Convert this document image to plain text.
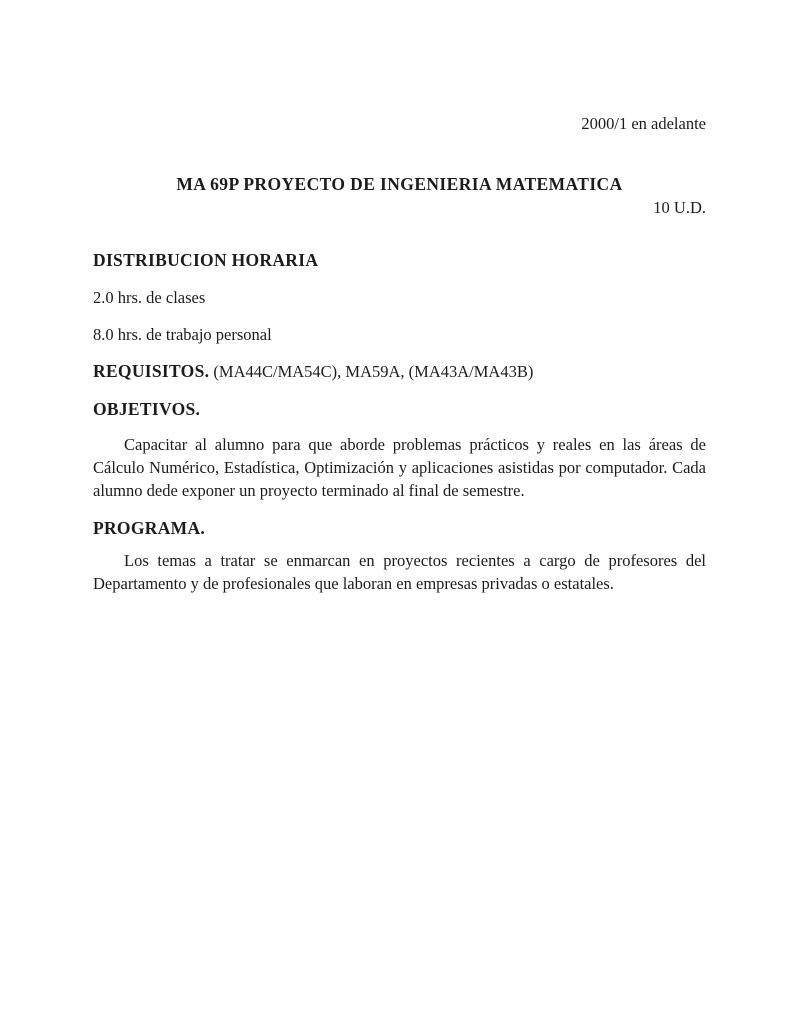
2000/1 en adelante
MA 69P PROYECTO DE INGENIERIA MATEMATICA
10 U.D.
DISTRIBUCION HORARIA
2.0 hrs. de clases
8.0 hrs. de trabajo personal
REQUISITOS. (MA44C/MA54C), MA59A, (MA43A/MA43B)
OBJETIVOS.

Capacitar al alumno para que aborde problemas prácticos y reales en las áreas de Cálculo Numérico, Estadística, Optimización y aplicaciones asistidas por computador. Cada alumno dede exponer un proyecto terminado al final de semestre.

PROGRAMA.

Los temas a tratar se enmarcan en proyectos recientes a cargo de profesores del Departamento y de profesionales que laboran en empresas privadas o estatales.
